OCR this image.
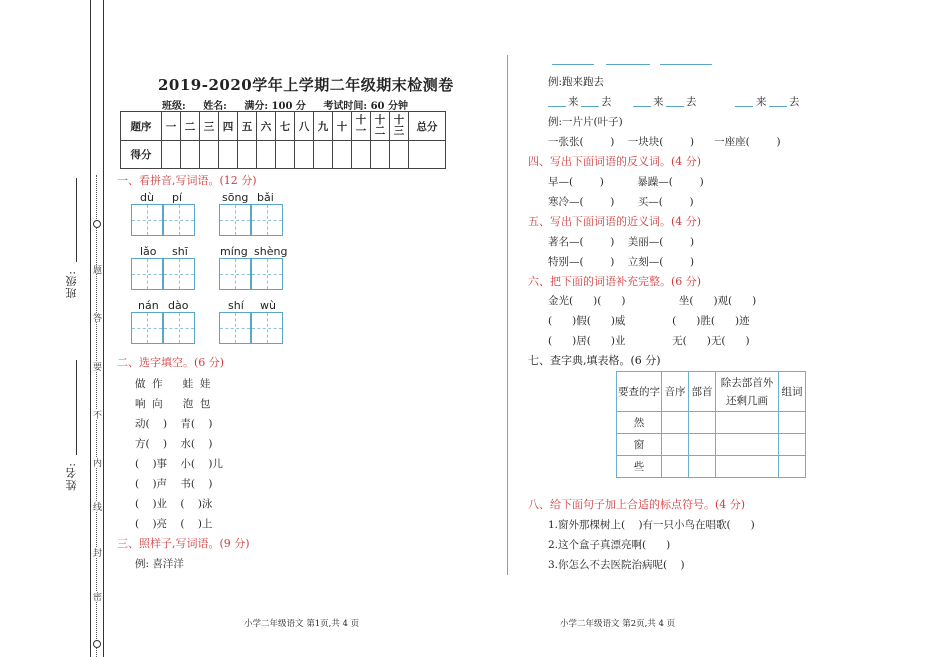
题
答
要
不
内
线
封
密
班级:
姓名:
2019-2020学年上学期二年级期末检测卷
班级: 姓名: 满分: 100 分 考试时间: 60 分钟
题序	一	二	三	四	五	六	七	八	九	十	十一	十二	十三	总分
得分														
一、看拼音,写词语。(12 分)
dù pí	sōng bǎi
lǎo shī	míng shèng
nán dào	shí wù
二、选字填空。(6 分)
做  作      蛙  娃
响  向      泡  包
动(    )    青(    )
方(    )    水(    )
(    )事    小(    )儿
(    )声    书(    )
(    )业    (    )泳
(    )亮    (    )上
三、照样子,写词语。(9 分)
例: 喜洋洋
例:跑来跑去
来 去	来 去	来 去
例:一片片(叶子)
一张张(        )    一块块(        )      一座座(        )
四、写出下面词语的反义词。(4 分)
早—(        )          暴躁—(        )
寒冷—(        )       买—(        )
五、写出下面词语的近义词。(4 分)
著名—(        )    美丽—(        )
特别—(        )    立刻—(        )
六、把下面的词语补充完整。(6 分)
金光(      )(      )                坐(      )观(      )
(      )假(      )威              (      )胜(      )迹
(      )居(      )业              无(      )无(      )
七、查字典,填表格。(6 分)
要查的字	音序	部首	除去部首外还剩几画	组词
然				
窗				
些				
八、给下面句子加上合适的标点符号。(4 分)
1.窗外那棵树上(    )有一只小鸟在唱歌(      )
2.这个盒子真漂亮啊(      )
3.你怎么不去医院治病呢(    )
小学二年级语文 第1页,共 4 页	小学二年级语文 第2页,共 4 页
